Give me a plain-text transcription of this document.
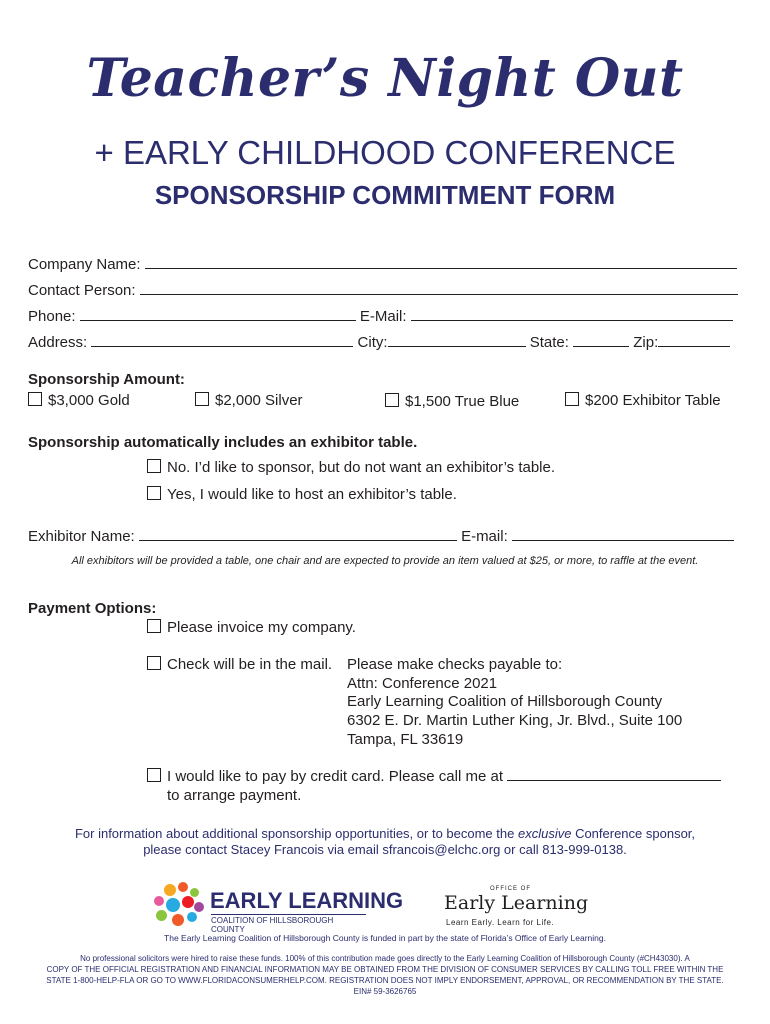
Teacher’s Night Out
+ EARLY CHILDHOOD CONFERENCE
SPONSORSHIP COMMITMENT FORM
Company Name:
Contact Person:
Phone:	E-Mail:
Address:	City:	State:	Zip:
Sponsorship Amount:
$3,000 Gold	$2,000 Silver	$1,500 True Blue	$200 Exhibitor Table
Sponsorship automatically includes an exhibitor table.
No. I’d like to sponsor, but do not want an exhibitor’s table.
Yes, I would like to host an exhibitor’s table.
Exhibitor Name:	E-mail:
All exhibitors will be provided a table, one chair and are expected to provide an item valued at $25, or more, to raffle at the event.
Payment Options:
Please invoice my company.
Check will be in the mail. Please make checks payable to:
Attn: Conference 2021
Early Learning Coalition of Hillsborough County
6302 E. Dr. Martin Luther King, Jr. Blvd., Suite 100
Tampa, FL 33619
I would like to pay by credit card. Please call me at
to arrange payment.
For information about additional sponsorship opportunities, or to become the exclusive Conference sponsor,
please contact Stacey Francois via email sfrancois@elchc.org or call 813-999-0138.
EARLY LEARNING
COALITION OF HILLSBOROUGH COUNTY
OFFICE OF
Early Learning
Learn Early. Learn for Life.
The Early Learning Coalition of Hillsborough County is funded in part by the state of Florida’s Office of Early Learning.
No professional solicitors were hired to raise these funds. 100% of this contribution made goes directly to the Early Learning Coalition of Hillsborough County (#CH43030). A
COPY OF THE OFFICIAL REGISTRATION AND FINANCIAL INFORMATION MAY BE OBTAINED FROM THE DIVISION OF CONSUMER SERVICES BY CALLING TOLL FREE WITHIN THE
STATE 1-800-HELP-FLA OR GO TO WWW.FLORIDACONSUMERHELP.COM. REGISTRATION DOES NOT IMPLY ENDORSEMENT, APPROVAL, OR RECOMMENDATION BY THE STATE.
EIN# 59-3626765
